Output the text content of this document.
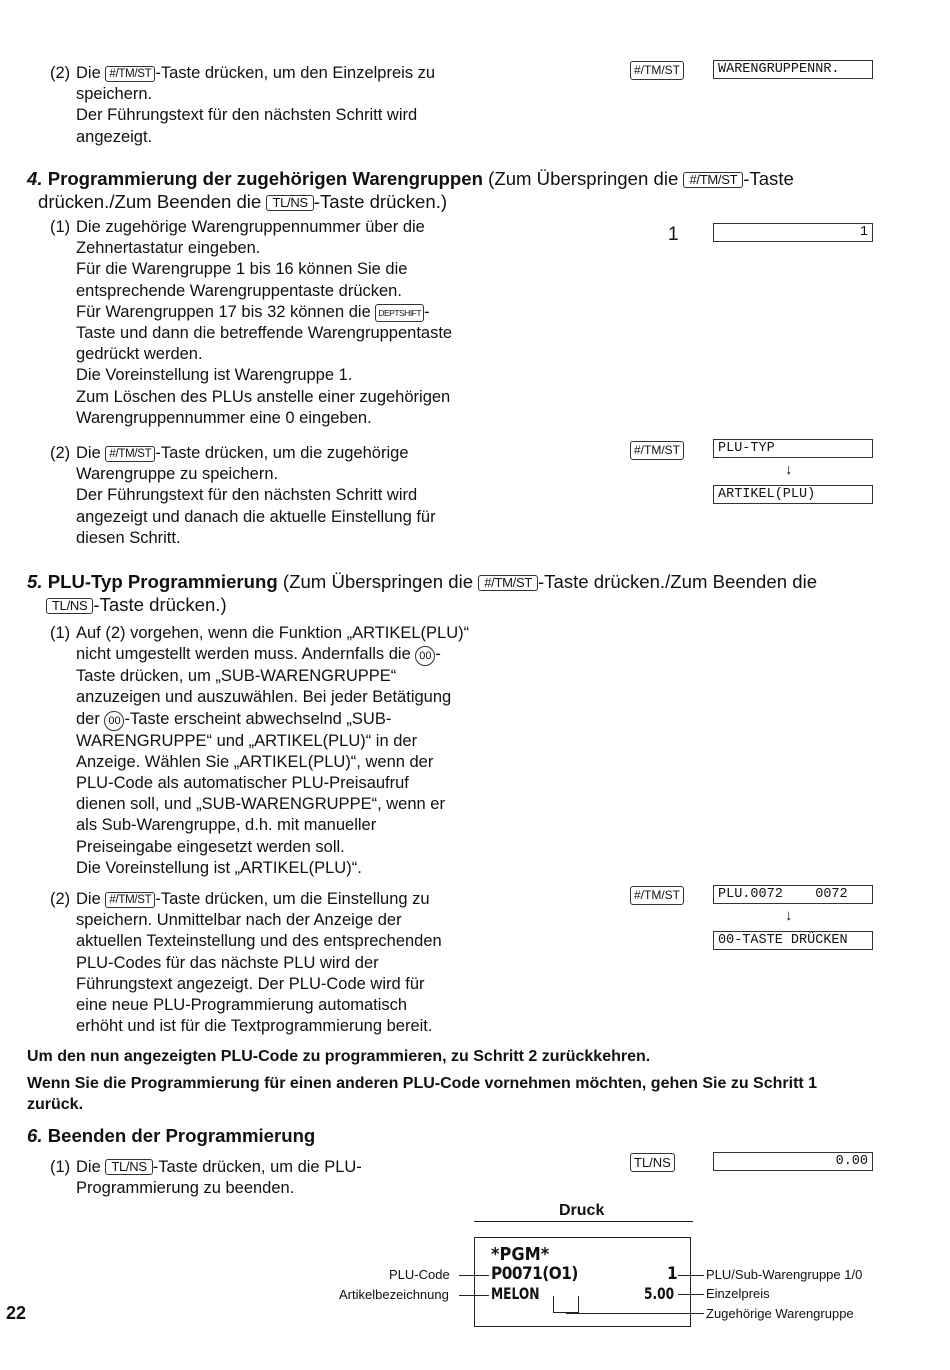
(2) Die #/TM/ST -Taste drücken, um den Einzelpreis zu
speichern.
Der Führungstext für den nächsten Schritt wird
angezeigt.
#/TM/ST	WARENGRUPPENNR.
4. Programmierung der zugehörigen Warengruppen (Zum Überspringen die #/TM/ST -Taste
drücken./Zum Beenden die TL/NS -Taste drücken.)
(1) Die zugehörige Warengruppennummer über die
Zehnertastatur eingeben.
Für die Warengruppe 1 bis 16 können Sie die
entsprechende Warengruppentaste drücken.
Für Warengruppen 17 bis 32 können die DEPTSHIFT -
Taste und dann die betreffende Warengruppentaste
gedrückt werden.
Die Voreinstellung ist Warengruppe 1.
Zum Löschen des PLUs anstelle einer zugehörigen
Warengruppennummer eine 0 eingeben.
1	1
(2) Die #/TM/ST -Taste drücken, um die zugehörige
Warengruppe zu speichern.
Der Führungstext für den nächsten Schritt wird
angezeigt und danach die aktuelle Einstellung für
diesen Schritt.
#/TM/ST	PLU-TYP
↓
ARTIKEL(PLU)
5. PLU-Typ Programmierung (Zum Überspringen die #/TM/ST -Taste drücken./Zum Beenden die
TL/NS -Taste drücken.)
(1) Auf (2) vorgehen, wenn die Funktion „ARTIKEL(PLU)“
nicht umgestellt werden muss. Andernfalls die 00 -
Taste drücken, um „SUB-WARENGRUPPE“
anzuzeigen und auszuwählen. Bei jeder Betätigung
der 00 -Taste erscheint abwechselnd „SUB-
WARENGRUPPE“ und „ARTIKEL(PLU)“ in der
Anzeige. Wählen Sie „ARTIKEL(PLU)“, wenn der
PLU-Code als automatischer PLU-Preisaufruf
dienen soll, und „SUB-WARENGRUPPE“, wenn er
als Sub-Warengruppe, d.h. mit manueller
Preiseingabe eingesetzt werden soll.
Die Voreinstellung ist „ARTIKEL(PLU)“.
(2) Die #/TM/ST -Taste drücken, um die Einstellung zu
speichern. Unmittelbar nach der Anzeige der
aktuellen Texteinstellung und des entsprechenden
PLU-Codes für das nächste PLU wird der
Führungstext angezeigt. Der PLU-Code wird für
eine neue PLU-Programmierung automatisch
erhöht und ist für die Textprogrammierung bereit.
#/TM/ST	PLU.0072    0072
↓
00-TASTE DRÜCKEN
Um den nun angezeigten PLU-Code zu programmieren, zu Schritt 2 zurückkehren.
Wenn Sie die Programmierung für einen anderen PLU-Code vornehmen möchten, gehen Sie zu Schritt 1
zurück.
6. Beenden der Programmierung
(1) Die TL/NS -Taste drücken, um die PLU-
Programmierung zu beenden.
TL/NS	0.00
Druck
*PGM*
P0071(O1)	1
MELON	5.00
PLU-Code
Artikelbezeichnung
PLU/Sub-Warengruppe 1/0
Einzelpreis
Zugehörige Warengruppe
22
